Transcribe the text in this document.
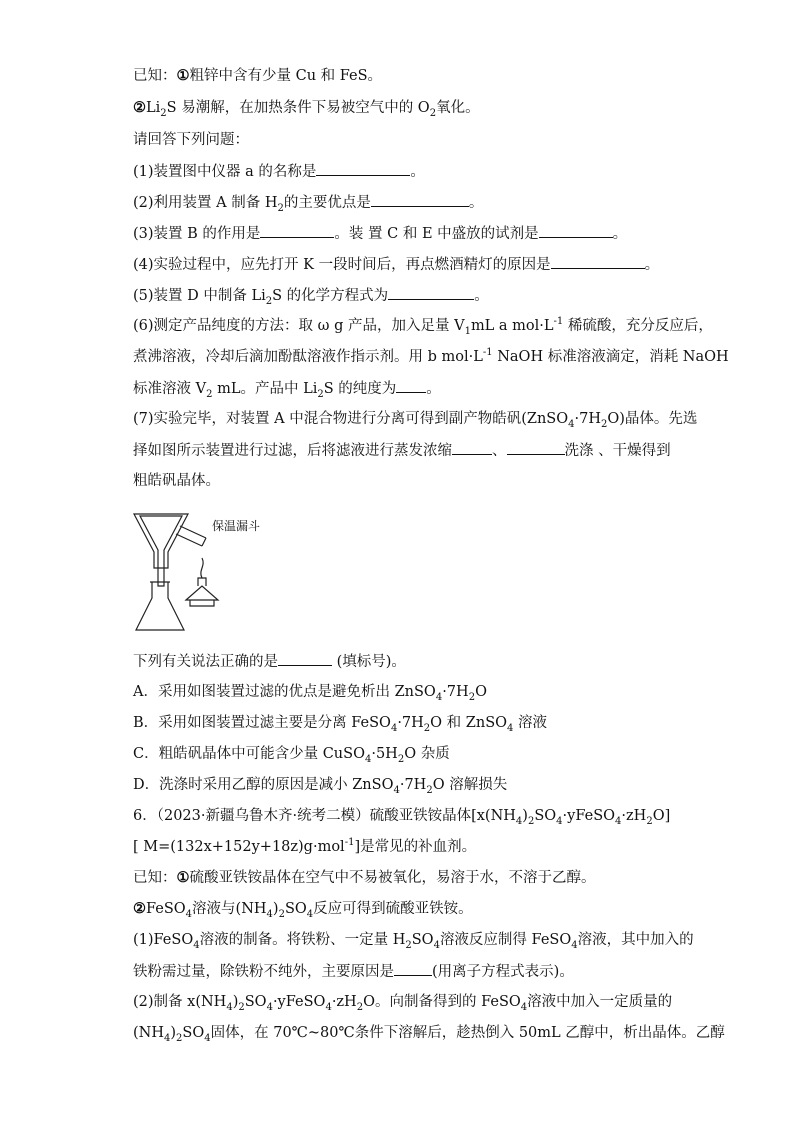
已知：①粗锌中含有少量 Cu 和 FeS。
$②Li_2S$ 易潮解，在加热条件下易被空气中的 $O_2$氧化。
请回答下列问题：
(1)装置图中仪器 a 的名称是	。
(2)利用装置 A 制备 $H_2$的主要优点是	。
(3)装置 B 的作用是	。装 置 C 和 E 中盛放的试剂是	。
(4)实验过程中，应先打开 K 一段时间后，再点燃酒精灯的原因是	。
(5)装置 D 中制备 $Li_2S$ 的化学方程式为	。
(6)测定产品纯度的方法：取 ω g 产品，加入足量 $V_1mL$ a $mol\cdot L^{-1}$ 稀硫酸，充分反应后，
煮沸溶液，冷却后滴加酚酞溶液作指示剂。用 b $mol\cdot L^{-1}$ NaOH 标准溶液滴定，消耗 NaOH
标准溶液 $V_2$ mL。产品中 $Li_2S$ 的纯度为 。
(7)实验完毕，对装置 A 中混合物进行分离可得到副产物皓矾$(ZnSO_4\cdot 7H_2O)$晶体。先选
择如图所示装置进行过滤，后将滤液进行蒸发浓缩	、	洗涤 、干燥得到
粗皓矾晶体。
保温漏斗
下列有关说法正确的是	(填标号)。
A．采用如图装置过滤的优点是避免析出 $ZnSO_4\cdot 7H_2O$
B．采用如图装置过滤主要是分离 $FeSO_4\cdot 7H_2O$ 和 ZnSO$_4$ 溶液
C．粗皓矾晶体中可能含少量 $CuSO_4\cdot 5H_2O$ 杂质
D．洗涤时采用乙醇的原因是减小 $ZnSO_4\cdot 7H_2O$ 溶解损失
6．（2023·新疆乌鲁木齐·统考二模）硫酸亚铁铵晶体$[x(NH_4)_2SO_4\cdot yFeSO_4\cdot zH_2O]$
[ M=(132x+152y+18z)g·mol$^{-1}$]是常见的补血剂。
已知：①硫酸亚铁铵晶体在空气中不易被氧化，易溶于水，不溶于乙醇。
②FeSO$_4$溶液与$(NH_4)_2SO_4$反应可得到硫酸亚铁铵。
(1)FeSO$_4$溶液的制备。将铁粉、一定量 $H_2SO_4$溶液反应制得 FeSO$_4$溶液，其中加入的
铁粉需过量，除铁粉不纯外，主要原因是	(用离子方程式表示)。
(2)制备 $x(NH_4)_2SO_4\cdot yFeSO_4\cdot zH_2O$。向制备得到的 FeSO$_4$溶液中加入一定质量的
$(NH_4)_2SO_4$固体，在 70℃~80℃条件下溶解后，趁热倒入 50mL 乙醇中，析出晶体。乙醇
